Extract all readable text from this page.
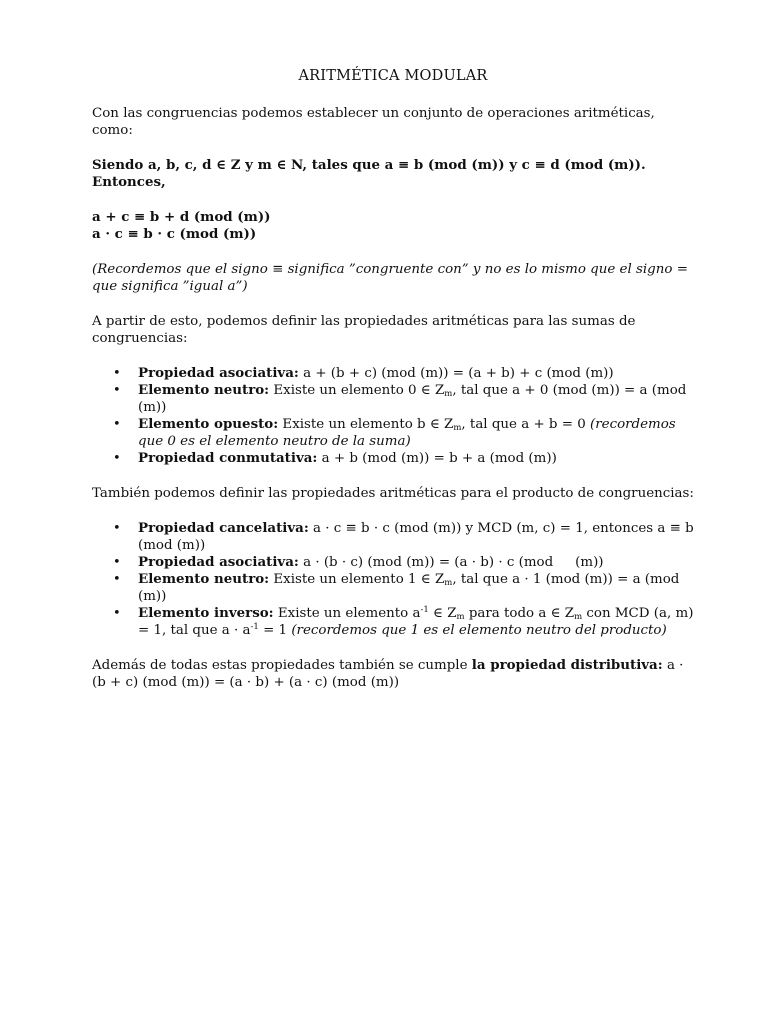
ARITMÉTICA MODULAR

Con las congruencias podemos establecer un conjunto de operaciones aritméticas, como:

Siendo a, b, c, d ∈ Z y m ∈ N, tales que a ≡ b (mod (m)) y c ≡ d (mod (m)). Entonces,

a + c ≡ b + d (mod (m))

a · c ≡ b · c (mod (m))

(Recordemos que el signo ≡ significa ”congruente con” y no es lo mismo que el signo = que significa ”igual a”)

A partir de esto, podemos definir las propiedades aritméticas para las sumas de congruencias:

• Propiedad asociativa: a + (b + c) (mod (m)) = (a + b) + c (mod (m))
• Elemento neutro: Existe un elemento 0 ∈ $Z_m$, tal que a + 0 (mod (m)) = a (mod (m))
• Elemento opuesto: Existe un elemento b ∈ $Z_m$, tal que a + b = 0 (recordemos que 0 es el elemento neutro de la suma)
• Propiedad conmutativa: a + b (mod (m)) = b + a (mod (m))

También podemos definir las propiedades aritméticas para el producto de congruencias:

• Propiedad cancelativa: a · c ≡ b · c (mod (m)) y MCD (m, c) = 1, entonces a ≡ b (mod (m))
• Propiedad asociativa: a · (b · c) (mod (m)) = (a · b) · c (mod (m))
• Elemento neutro: Existe un elemento 1 ∈ $Z_m$, tal que a · 1 (mod (m)) = a (mod (m))
• Elemento inverso: Existe un elemento $a^{-1}$ ∈ $Z_m$ para todo a ∈ $Z_m$ con MCD (a, m) = 1, tal que $a \cdot a^{-1} = 1$ (recordemos que 1 es el elemento neutro del producto)

Además de todas estas propiedades también se cumple la propiedad distributiva: a · (b + c) (mod (m)) = (a · b) + (a · c) (mod (m))
